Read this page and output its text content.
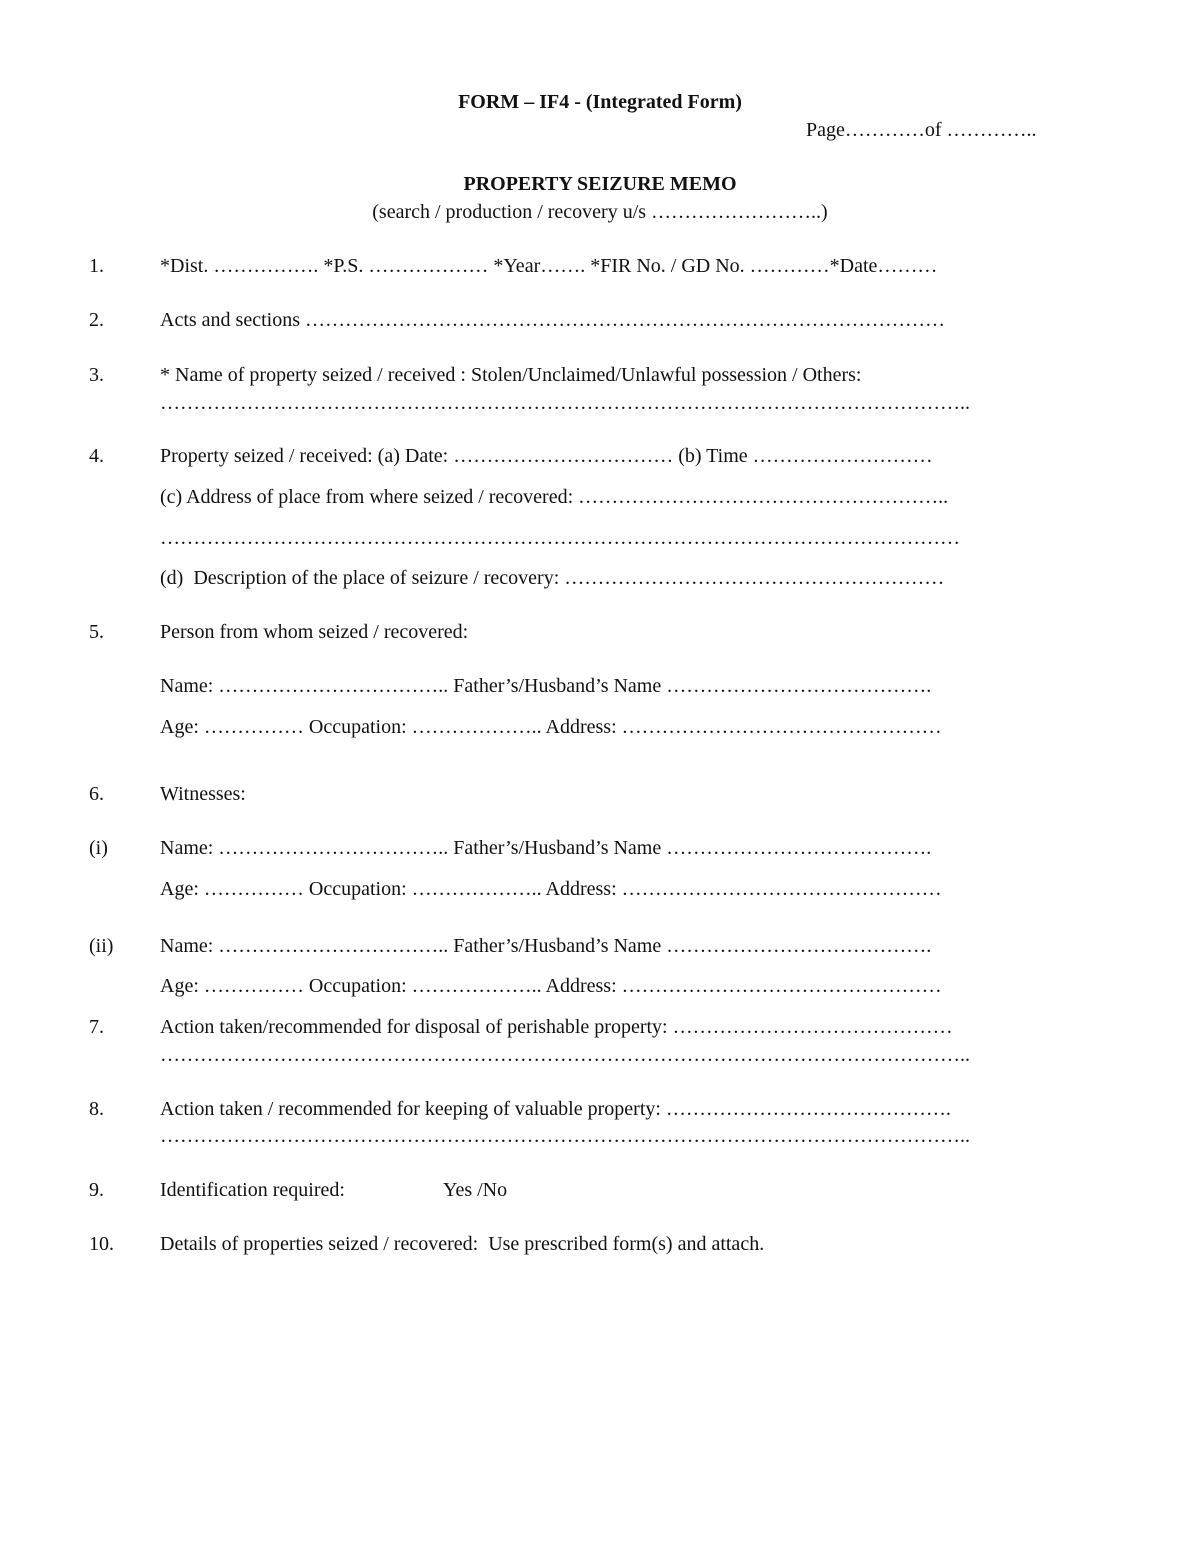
FORM – IF4 - (Integrated Form)
Page…………of …………..
PROPERTY SEIZURE MEMO
(search / production / recovery u/s ……………………..)
1.	*Dist. ……………. *P.S. ……………… *Year……. *FIR No. / GD No. …………*Date………
2.	Acts and sections ……………………………………………………………………………………
3.	* Name of property seized / received : Stolen/Unclaimed/Unlawful possession / Others:
…………………………………………………………………………………………………………..
4.	Property seized / received: (a) Date: …………………………… (b) Time ………………………
(c) Address of place from where seized / recovered: ………………………………………………..
…………………………………………………………………………………………………………
(d)  Description of the place of seizure / recovery: …………………………………………………
5.	Person from whom seized / recovered:
Name: …………………………….. Father’s/Husband’s Name ………………………………….
Age: …………… Occupation: ……………….. Address: …………………………………………
6.	Witnesses:
(i)	Name: …………………………….. Father’s/Husband’s Name ………………………………….
Age: …………… Occupation: ……………….. Address: …………………………………………
(ii) Name: …………………………….. Father’s/Husband’s Name ………………………………….
Age: …………… Occupation: ……………….. Address: …………………………………………
7.	Action taken/recommended for disposal of perishable property: ……………………………………
…………………………………………………………………………………………………………..
8.	Action taken / recommended for keeping of valuable property: …………………………………….
…………………………………………………………………………………………………………..
9.	Identification required:	Yes /No
10. Details of properties seized / recovered:  Use prescribed form(s) and attach.
